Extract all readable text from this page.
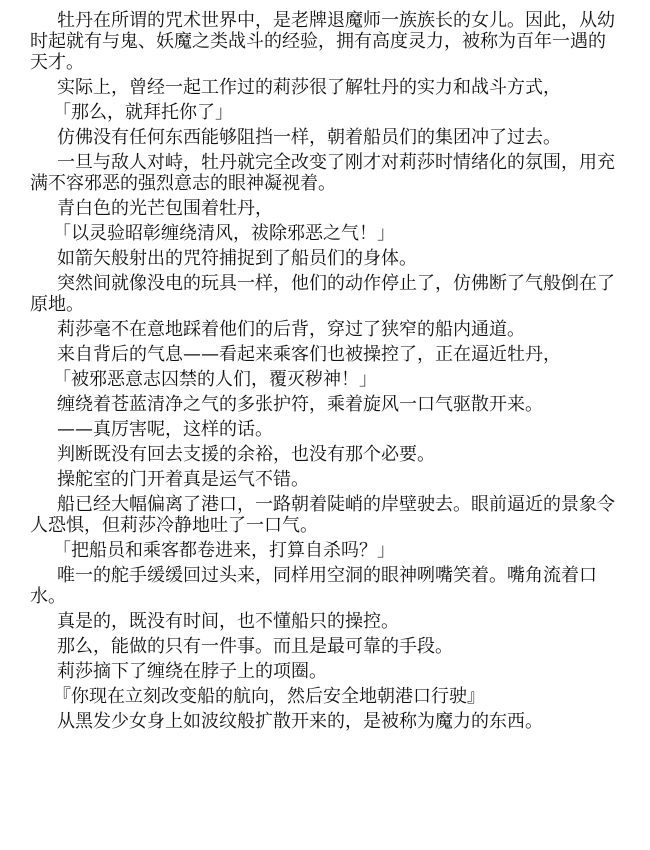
牡丹在所谓的咒术世界中，是老牌退魔师一族族长的女儿。因此，从幼时起就有与鬼、妖魔之类战斗的经验，拥有高度灵力，被称为百年一遇的天才。

实际上，曾经一起工作过的莉莎很了解牡丹的实力和战斗方式，

「那么，就拜托你了」

仿佛没有任何东西能够阻挡一样，朝着船员们的集团冲了过去。

一旦与敌人对峙，牡丹就完全改变了刚才对莉莎时情绪化的氛围，用充满不容邪恶的强烈意志的眼神凝视着。

青白色的光芒包围着牡丹，

「以灵验昭彰缠绕清风，祓除邪恶之气！」

如箭矢般射出的咒符捕捉到了船员们的身体。

突然间就像没电的玩具一样，他们的动作停止了，仿佛断了气般倒在了原地。

莉莎毫不在意地踩着他们的后背，穿过了狭窄的船内通道。

来自背后的气息——看起来乘客们也被操控了，正在逼近牡丹，

「被邪恶意志囚禁的人们，覆灭秽神！」

缠绕着苍蓝清净之气的多张护符，乘着旋风一口气驱散开来。

——真厉害呢，这样的话。

判断既没有回去支援的余裕，也没有那个必要。

操舵室的门开着真是运气不错。

船已经大幅偏离了港口，一路朝着陡峭的岸壁驶去。眼前逼近的景象令人恐惧，但莉莎冷静地吐了一口气。

「把船员和乘客都卷进来，打算自杀吗？」

唯一的舵手缓缓回过头来，同样用空洞的眼神咧嘴笑着。嘴角流着口水。

真是的，既没有时间，也不懂船只的操控。

那么，能做的只有一件事。而且是最可靠的手段。

莉莎摘下了缠绕在脖子上的项圈。

『你现在立刻改变船的航向，然后安全地朝港口行驶』

从黑发少女身上如波纹般扩散开来的，是被称为魔力的东西。
